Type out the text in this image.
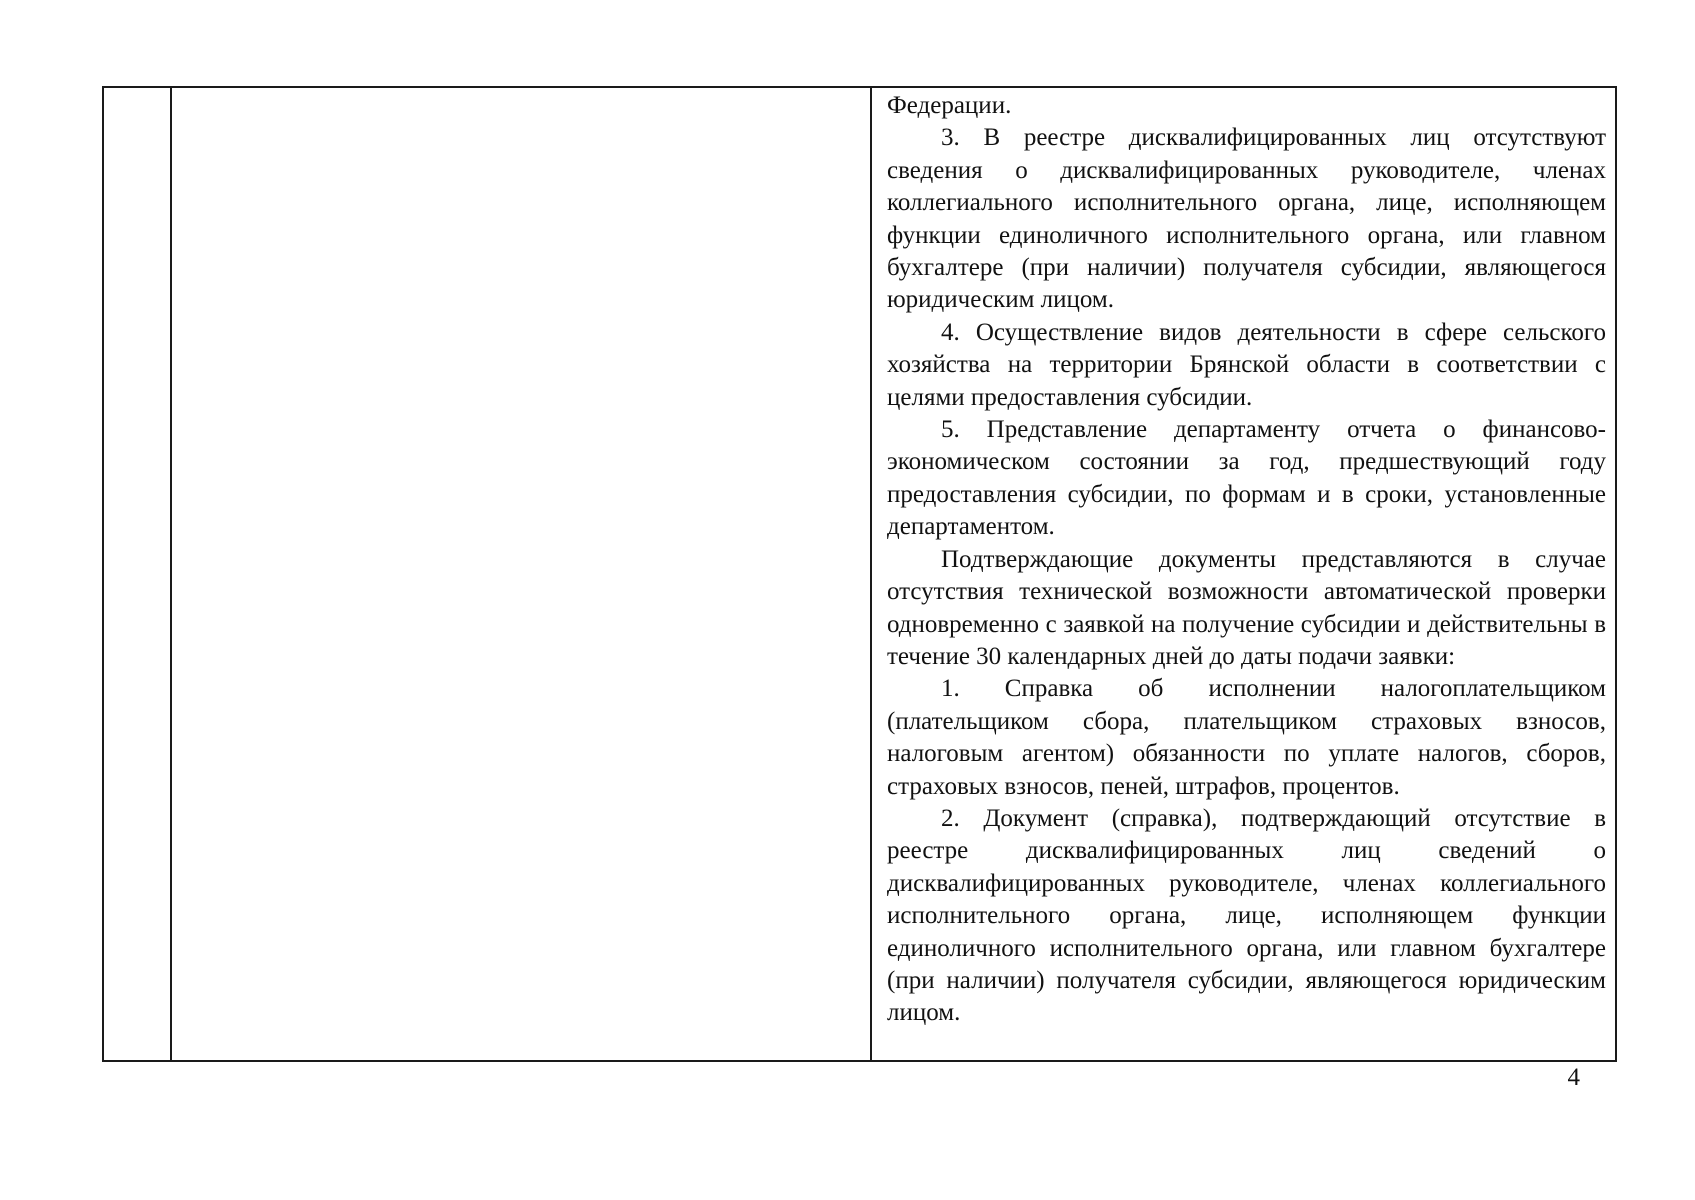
Федерации.

3. В реестре дисквалифицированных лиц отсутствуют сведения о дисквалифицированных руководителе, членах коллегиального исполнительного органа, лице, исполняющем функции единоличного исполнительного органа, или главном бухгалтере (при наличии) получателя субсидии, являющегося юридическим лицом.

4. Осуществление видов деятельности в сфере сельского хозяйства на территории Брянской области в соответствии с целями предоставления субсидии.

5. Представление департаменту отчета о финансово-экономическом состоянии за год, предшествующий году предоставления субсидии, по формам и в сроки, установленные департаментом.

Подтверждающие документы представляются в случае отсутствия технической возможности автоматической проверки одновременно с заявкой на получение субсидии и действительны в течение 30 календарных дней до даты подачи заявки:

1. Справка об исполнении налогоплательщиком (плательщиком сбора, плательщиком страховых взносов, налоговым агентом) обязанности по уплате налогов, сборов, страховых взносов, пеней, штрафов, процентов.

2. Документ (справка), подтверждающий отсутствие в реестре дисквалифицированных лиц сведений о дисквалифицированных руководителе, членах коллегиального исполнительного органа, лице, исполняющем функции единоличного исполнительного органа, или главном бухгалтере (при наличии) получателя субсидии, являющегося юридическим лицом.

4
